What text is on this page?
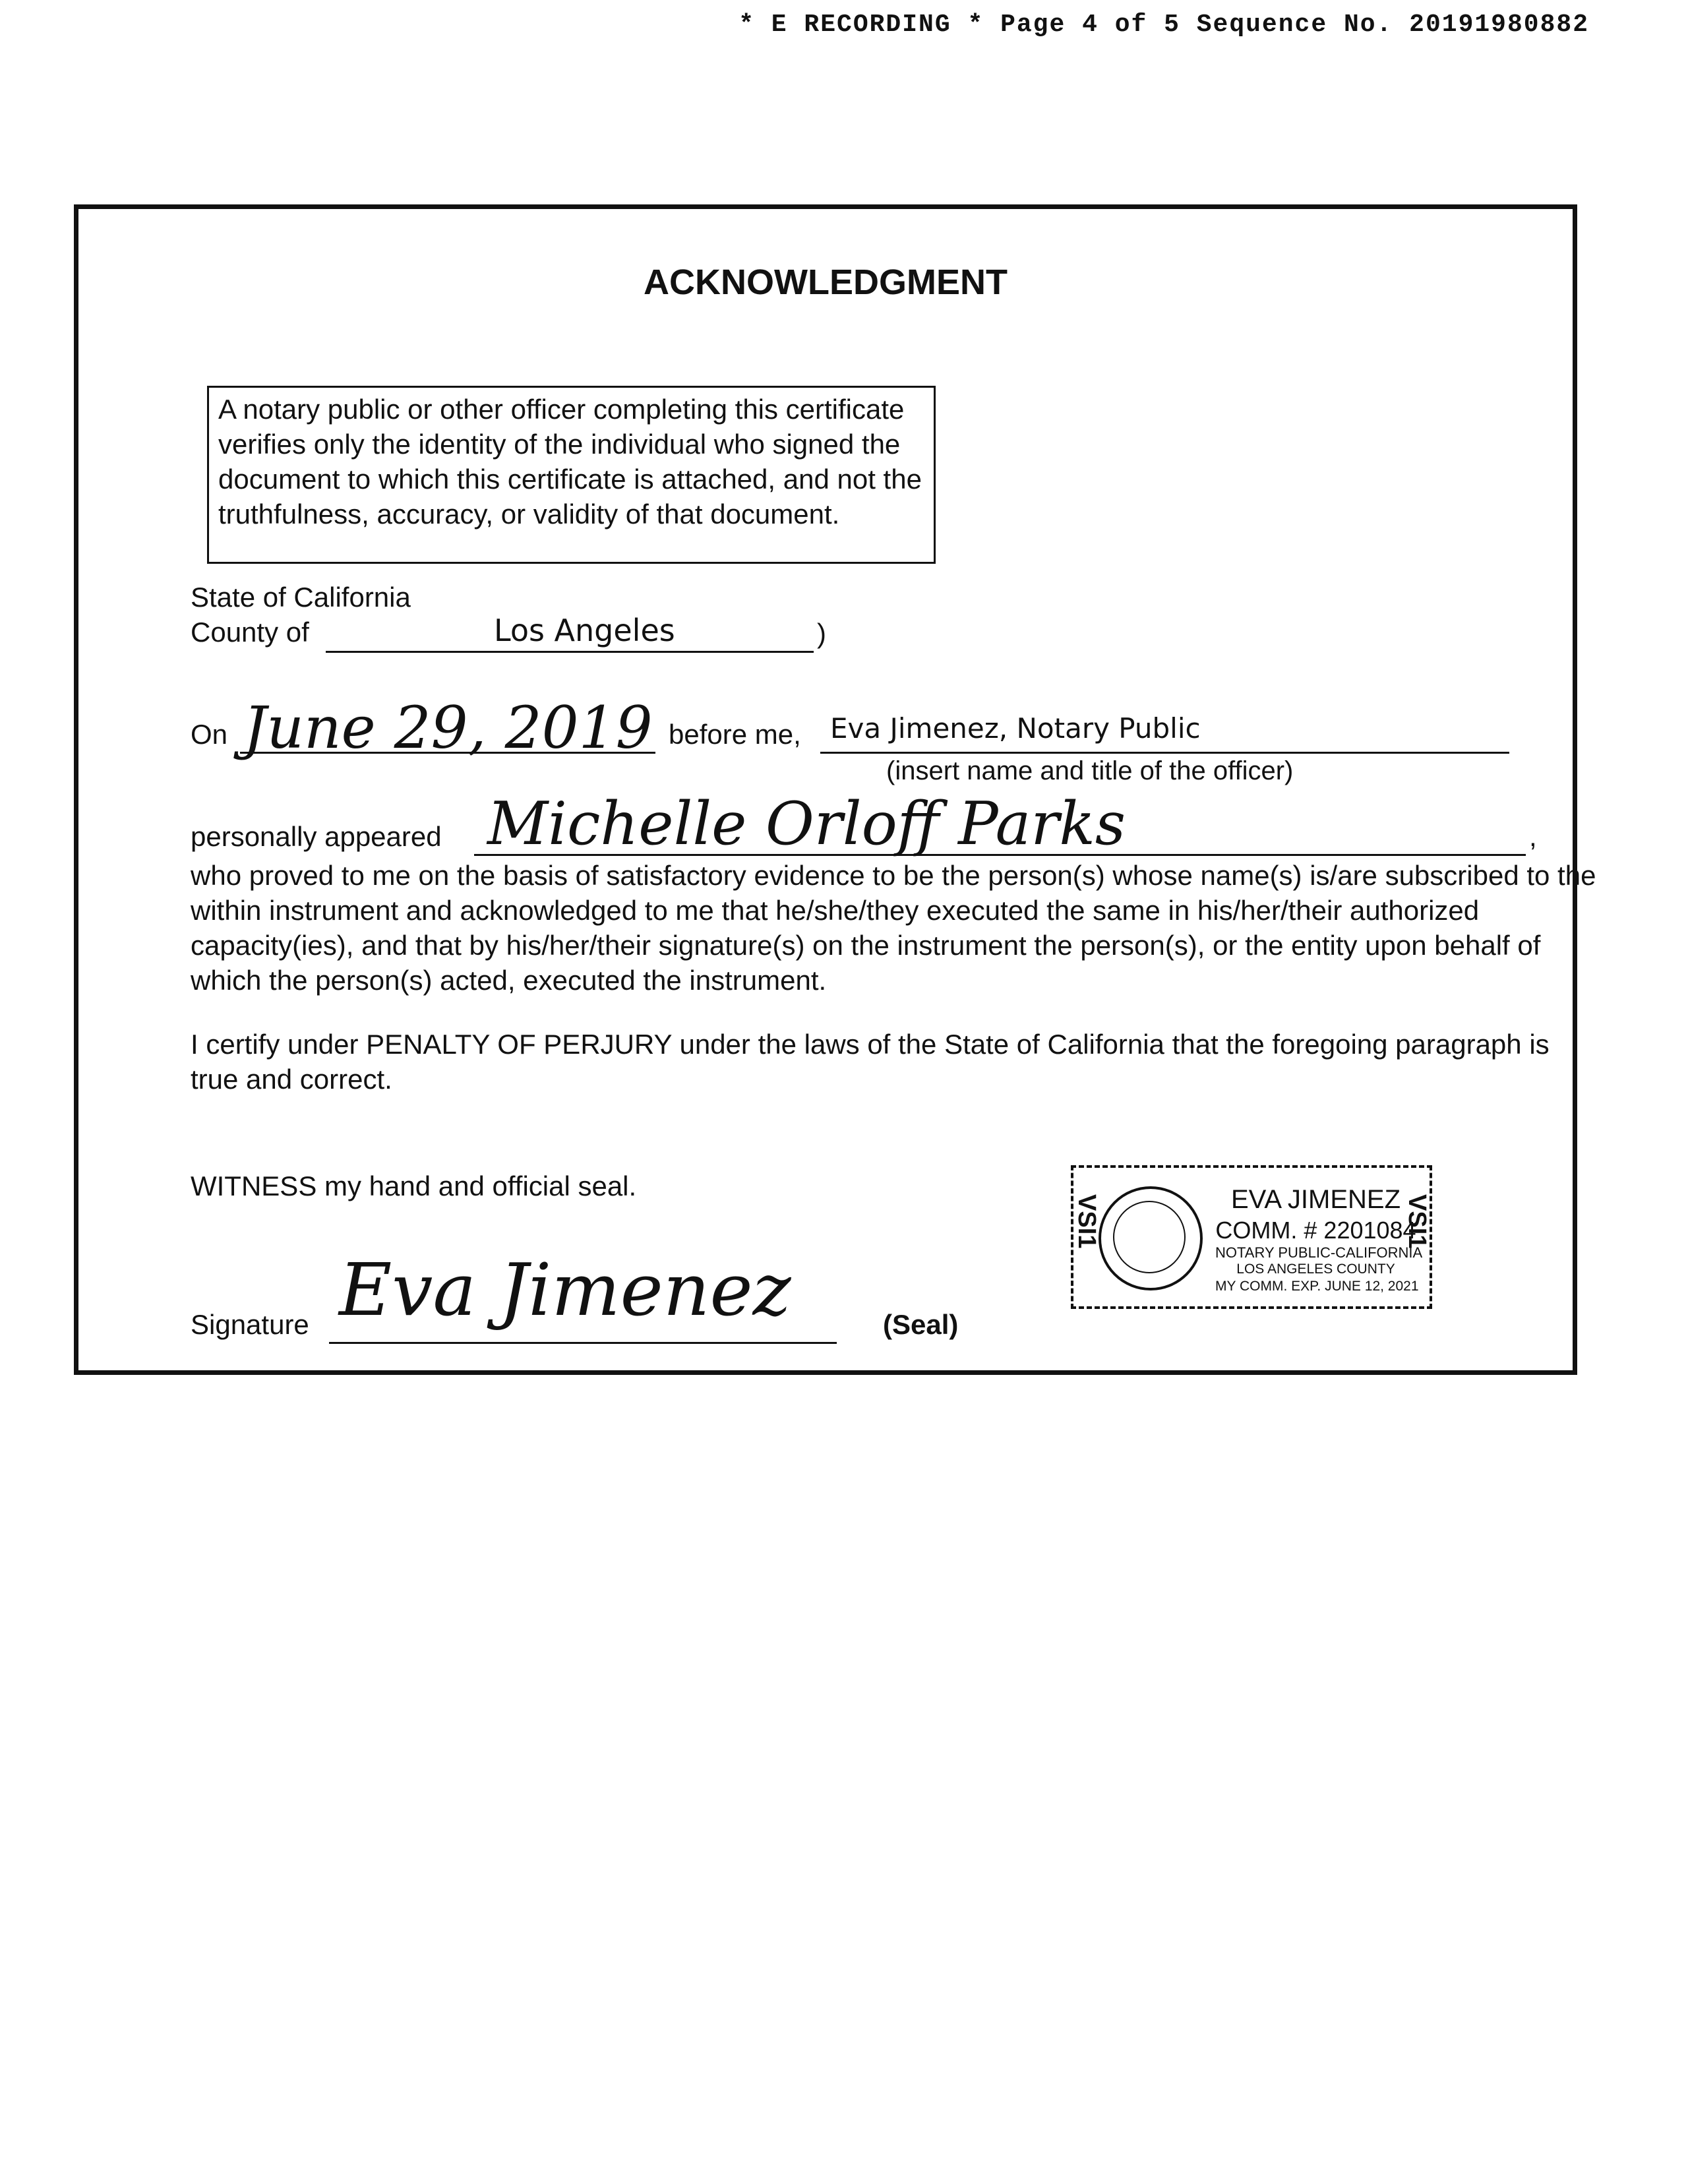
* E RECORDING * Page 4 of 5 Sequence No. 20191980882
ACKNOWLEDGMENT
A notary public or other officer completing this certificate verifies only the identity of the individual who signed the document to which this certificate is attached, and not the truthfulness, accuracy, or validity of that document.
State of California
County of	Los Angeles	)
On June 29, 2019 before me, Eva Jimenez, Notary Public
(insert name and title of the officer)
personally appeared Michelle Orloff Parks	,
who proved to me on the basis of satisfactory evidence to be the person(s) whose name(s) is/are subscribed to the within instrument and acknowledged to me that he/she/they executed the same in his/her/their authorized capacity(ies), and that by his/her/their signature(s) on the instrument the person(s), or the entity upon behalf of which the person(s) acted, executed the instrument.
I certify under PENALTY OF PERJURY under the laws of the State of California that the foregoing paragraph is true and correct.
WITNESS my hand and official seal.
Signature Eva Jimenez	(Seal)
VSI1	EVA JIMENEZ
COMM. # 2201084
NOTARY PUBLIC-CALIFORNIA
LOS ANGELES COUNTY
MY COMM. EXP. JUNE 12, 2021
VSI1
